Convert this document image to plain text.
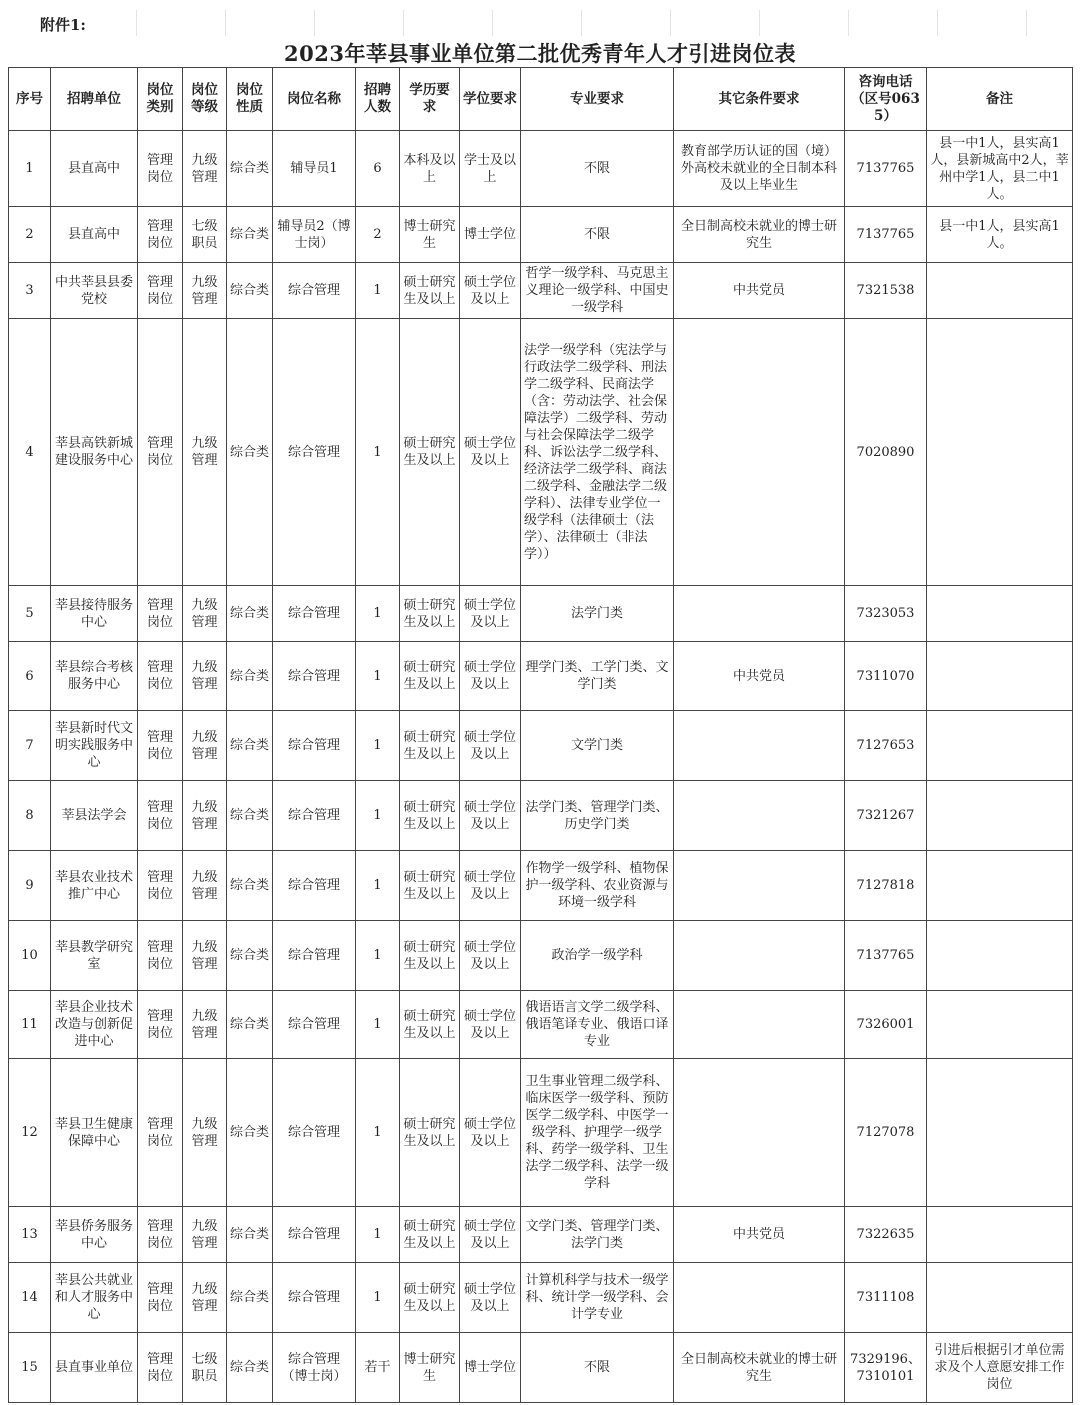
附件1:
2023年莘县事业单位第二批优秀青年人才引进岗位表
序号	招聘单位	岗位类别	岗位等级	岗位性质	岗位名称	招聘人数	学历要求	学位要求	专业要求	其它条件要求	咨询电话（区号0635）	备注
1	县直高中	管理岗位	九级管理	综合类	辅导员1	6	本科及以上	学士及以上	不限	教育部学历认证的国（境）外高校未就业的全日制本科及以上毕业生	7137765	县一中1人，县实高1人，县新城高中2人，莘州中学1人，县二中1人。
2	县直高中	管理岗位	七级职员	综合类	辅导员2（博士岗）	2	博士研究生	博士学位	不限	全日制高校未就业的博士研究生	7137765	县一中1人，县实高1人。
3	中共莘县县委党校	管理岗位	九级管理	综合类	综合管理	1	硕士研究生及以上	硕士学位及以上	哲学一级学科、马克思主义理论一级学科、中国史一级学科	中共党员	7321538	
4	莘县高铁新城建设服务中心	管理岗位	九级管理	综合类	综合管理	1	硕士研究生及以上	硕士学位及以上	法学一级学科（宪法学与行政法学二级学科、刑法学二级学科、民商法学（含：劳动法学、社会保障法学）二级学科、劳动与社会保障法学二级学科、诉讼法学二级学科、经济法学二级学科、商法二级学科、金融法学二级学科）、法律专业学位一级学科（法律硕士（法学）、法律硕士（非法学））		7020890	
5	莘县接待服务中心	管理岗位	九级管理	综合类	综合管理	1	硕士研究生及以上	硕士学位及以上	法学门类		7323053	
6	莘县综合考核服务中心	管理岗位	九级管理	综合类	综合管理	1	硕士研究生及以上	硕士学位及以上	理学门类、工学门类、文学门类	中共党员	7311070	
7	莘县新时代文明实践服务中心	管理岗位	九级管理	综合类	综合管理	1	硕士研究生及以上	硕士学位及以上	文学门类		7127653	
8	莘县法学会	管理岗位	九级管理	综合类	综合管理	1	硕士研究生及以上	硕士学位及以上	法学门类、管理学门类、历史学门类		7321267	
9	莘县农业技术推广中心	管理岗位	九级管理	综合类	综合管理	1	硕士研究生及以上	硕士学位及以上	作物学一级学科、植物保护一级学科、农业资源与环境一级学科		7127818	
10	莘县教学研究室	管理岗位	九级管理	综合类	综合管理	1	硕士研究生及以上	硕士学位及以上	政治学一级学科		7137765	
11	莘县企业技术改造与创新促进中心	管理岗位	九级管理	综合类	综合管理	1	硕士研究生及以上	硕士学位及以上	俄语语言文学二级学科、俄语笔译专业、俄语口译专业		7326001	
12	莘县卫生健康保障中心	管理岗位	九级管理	综合类	综合管理	1	硕士研究生及以上	硕士学位及以上	卫生事业管理二级学科、临床医学一级学科、预防医学二级学科、中医学一级学科、护理学一级学科、药学一级学科、卫生法学二级学科、法学一级学科		7127078	
13	莘县侨务服务中心	管理岗位	九级管理	综合类	综合管理	1	硕士研究生及以上	硕士学位及以上	文学门类、管理学门类、法学门类	中共党员	7322635	
14	莘县公共就业和人才服务中心	管理岗位	九级管理	综合类	综合管理	1	硕士研究生及以上	硕士学位及以上	计算机科学与技术一级学科、统计学一级学科、会计学专业		7311108	
15	县直事业单位	管理岗位	七级职员	综合类	综合管理（博士岗）	若干	博士研究生	博士学位	不限	全日制高校未就业的博士研究生	7329196、7310101	引进后根据引才单位需求及个人意愿安排工作岗位
